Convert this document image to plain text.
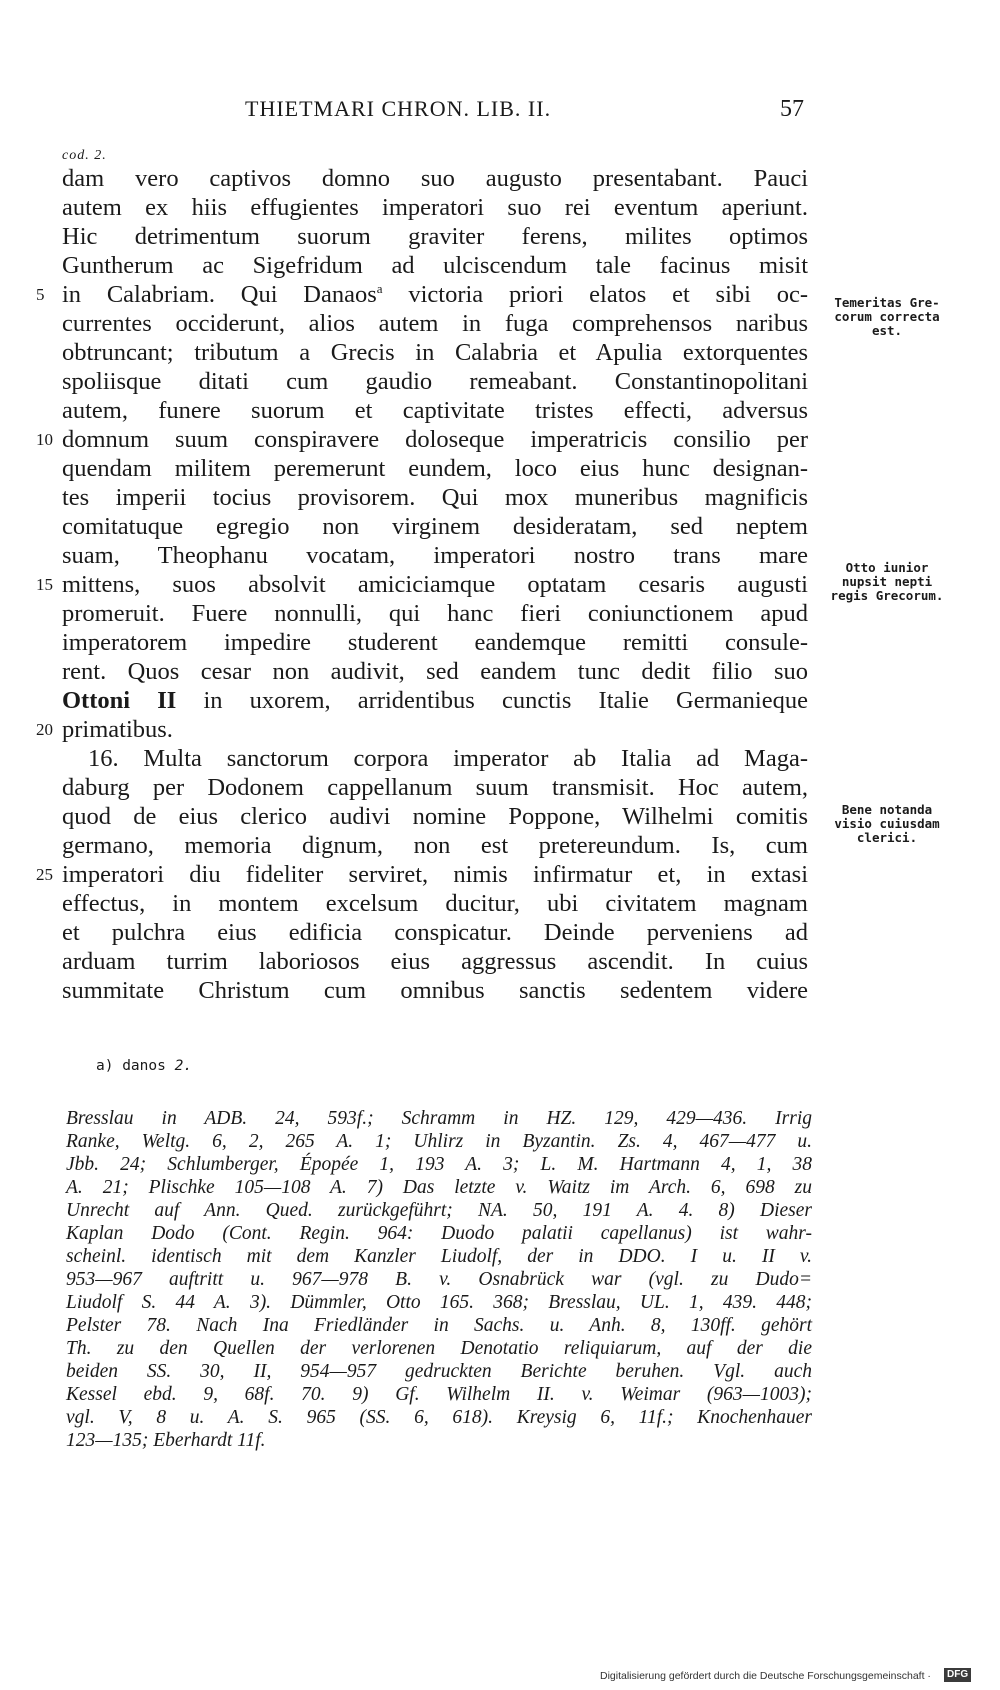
THIETMARI CHRON. LIB. II.	57
cod. 2.
dam vero captivos domno suo augusto presentabant. Pauci
autem ex hiis effugientes imperatori suo rei eventum aperiunt.
Hic detrimentum suorum graviter ferens, milites optimos
Guntherum ac Sigefridum ad ulciscendum tale facinus misit
5 in Calabriam. Qui Danaos$^a$ victoria priori elatos et sibi oc-
currentes occiderunt, alios autem in fuga comprehensos naribus
obtruncant; tributum a Grecis in Calabria et Apulia extorquentes
spoliisque ditati cum gaudio remeabant. Constantinopolitani
autem, funere suorum et captivitate tristes effecti, adversus
10 domnum suum conspiravere doloseque imperatricis consilio per
quendam militem peremerunt eundem, loco eius hunc designan-
tes imperii tocius provisorem. Qui mox muneribus magnificis
comitatuque egregio non virginem desideratam, sed neptem
suam, Theophanu vocatam, imperatori nostro trans mare
15 mittens, suos absolvit amiciciamque optatam cesaris augusti
promeruit. Fuere nonnulli, qui hanc fieri coniunctionem apud
imperatorem impedire studerent eandemque remitti consule-
rent. Quos cesar non audivit, sed eandem tunc dedit filio suo
Ottoni II in uxorem, arridentibus cunctis Italie Germanieque
20 primatibus.
16. Multa sanctorum corpora imperator ab Italia ad Maga-
daburg per Dodonem cappellanum suum transmisit. Hoc autem,
quod de eius clerico audivi nomine Poppone, Wilhelmi comitis
germano, memoria dignum, non est pretereundum. Is, cum
25 imperatori diu fideliter serviret, nimis infirmatur et, in extasi
effectus, in montem excelsum ducitur, ubi civitatem magnam
et pulchra eius edificia conspicatur. Deinde perveniens ad
arduam turrim laboriosos eius aggressus ascendit. In cuius
summitate Christum cum omnibus sanctis sedentem videre
Temeritas Gre-
corum correcta
est.
Otto iunior
nupsit nepti
regis Grecorum.
Bene notanda
visio cuiusdam
clerici.
a) danos 2.
Bresslau in ADB. 24, 593f.; Schramm in HZ. 129, 429—436. Irrig
Ranke, Weltg. 6, 2, 265 A. 1; Uhlirz in Byzantin. Zs. 4, 467—477 u.
Jbb. 24; Schlumberger, Épopée 1, 193 A. 3; L. M. Hartmann 4, 1, 38
A. 21; Plischke 105—108 A. 7) Das letzte v. Waitz im Arch. 6, 698 zu
Unrecht auf Ann. Qued. zurückgeführt; NA. 50, 191 A. 4. 8) Dieser
Kaplan Dodo (Cont. Regin. 964: Duodo palatii capellanus) ist wahr-
scheinl. identisch mit dem Kanzler Liudolf, der in DDO. I u. II v.
953—967 auftritt u. 967—978 B. v. Osnabrück war (vgl. zu Dudo=
Liudolf S. 44 A. 3). Dümmler, Otto 165. 368; Bresslau, UL. 1, 439. 448;
Pelster 78. Nach Ina Friedländer in Sachs. u. Anh. 8, 130ff. gehört
Th. zu den Quellen der verlorenen Denotatio reliquiarum, auf der die
beiden SS. 30, II, 954—957 gedruckten Berichte beruhen. Vgl. auch
Kessel ebd. 9, 68f. 70. 9) Gf. Wilhelm II. v. Weimar (963—1003);
vgl. V, 8 u. A. S. 965 (SS. 6, 618). Kreysig 6, 11f.; Knochenhauer
123—135; Eberhardt 11f.
Digitalisierung gefördert durch die Deutsche Forschungsgemeinschaft ·	DFG
